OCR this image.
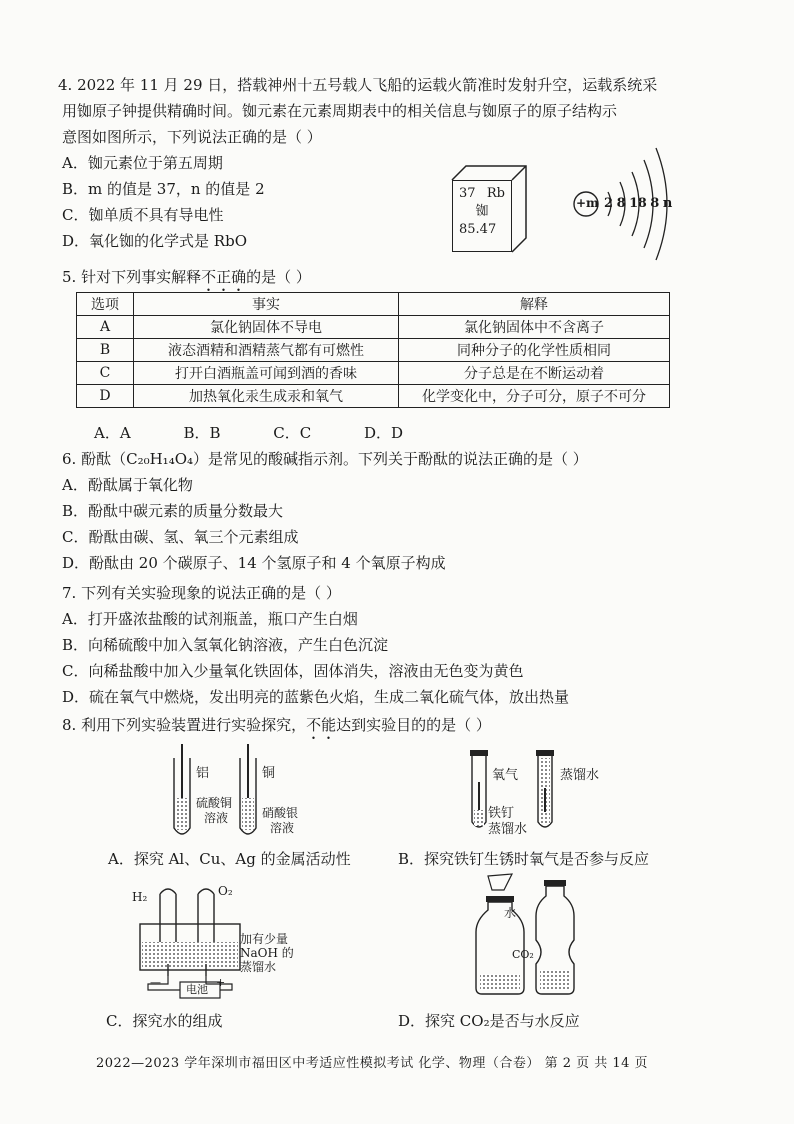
4. 2022 年 11 月 29 日，搭载神州十五号载人飞船的运载火箭准时发射升空，运载系统采

用铷原子钟提供精确时间。铷元素在元素周期表中的相关信息与铷原子的原子结构示

意图如图所示，下列说法正确的是（ ）

A．铷元素位于第五周期

B．m 的值是 37，n 的值是 2

C．铷单质不具有导电性

D．氧化铷的化学式是 RbO

37 Rb
铷
85.47
+m 2 8 18 8 n

5. 针对下列事实解释不正确的是（ ）

选项	事实	解释
A	氯化钠固体不导电	氯化钠固体中不含离子
B	液态酒精和酒精蒸气都有可燃性	同种分子的化学性质相同
C	打开白酒瓶盖可闻到酒的香味	分子总是在不断运动着
D	加热氧化汞生成汞和氧气	化学变化中，分子可分，原子不可分
A．A	B．B	C．C	D．D

6. 酚酞（C₂₀H₁₄O₄）是常见的酸碱指示剂。下列关于酚酞的说法正确的是（ ）

A．酚酞属于氧化物

B．酚酞中碳元素的质量分数最大

C．酚酞由碳、氢、氧三个元素组成

D．酚酞由 20 个碳原子、14 个氢原子和 4 个氧原子构成

7. 下列有关实验现象的说法正确的是（ ）

A．打开盛浓盐酸的试剂瓶盖，瓶口产生白烟

B．向稀硫酸中加入氢氧化钠溶液，产生白色沉淀

C．向稀盐酸中加入少量氧化铁固体，固体消失，溶液由无色变为黄色

D．硫在氧气中燃烧，发出明亮的蓝紫色火焰，生成二氧化硫气体，放出热量

8. 利用下列实验装置进行实验探究，不能达到实验目的的是（ ）

铝	铜
硫酸铜
溶液	硝酸银
溶液
A．探究 Al、Cu、Ag 的金属活动性
氧气	蒸馏水
铁钉
蒸馏水
B．探究铁钉生锈时氧气是否参与反应
H₂	O₂
加有少量
NaOH 的
蒸馏水
电池
+
—
C．探究水的组成
水
CO₂
D．探究 CO₂是否与水反应
2022—2023 学年深圳市福田区中考适应性模拟考试 化学、物理（合卷） 第 2 页 共 14 页
